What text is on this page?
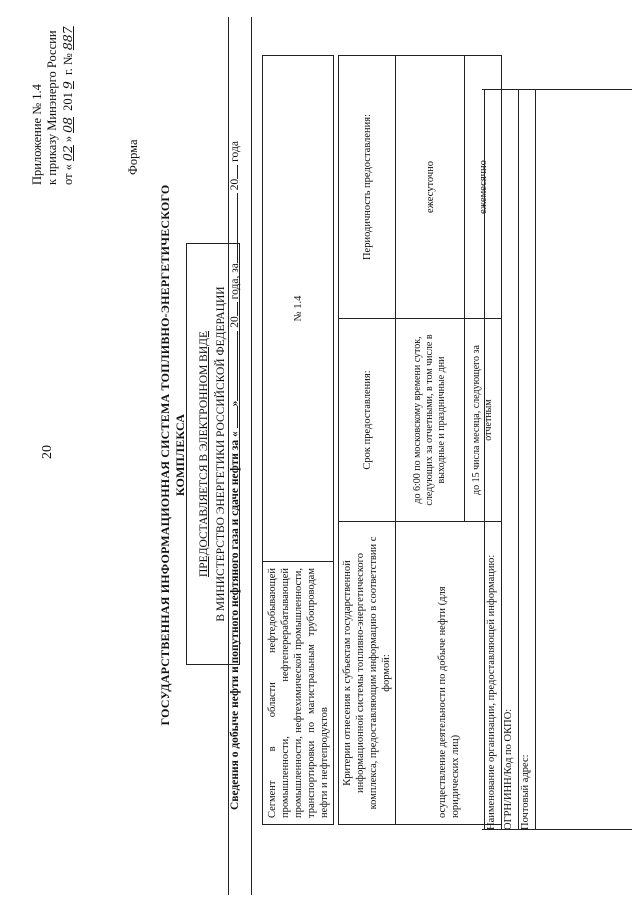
20
Приложение № 1.4 к приказу Минэнерго России от «02»08 2019 г. №887
Форма
ГОСУДАРСТВЕННАЯ ИНФОРМАЦИОННАЯ СИСТЕМА ТОПЛИВНО-ЭНЕРГЕТИЧЕСКОГО КОМПЛЕКСА ПРЕДОСТАВЛЯЕТСЯ В ЭЛЕКТРОННОМ ВИДЕ В МИНИСТЕРСТВО ЭНЕРГЕТИКИ РОССИЙСКОЙ ФЕДЕРАЦИИ Сведения о добыче нефти и попутного нефтяного газа и сдаче нефти за « » 20 года, за 20 года
Сегмент в области нефтедобывающей промышленности, нефтеперерабатывающей промышленности, нефтехимической промышленности, транспортировки по магистральным трубопроводам нефти и нефтепродуктов	№ 1.4
Критерии отнесения к субъектам государственной информационной системы топливно-энергетического комплекса, предоставляющим информацию в соответствии с формой:	Срок предоставления:	Периодичность предоставления:
осуществление деятельности по добыче нефти (для юридических лиц)	до 6:00 по московскому времени суток, следующих за отчетными, в том числе в выходные и праздничные дни	ежесуточно
	до 15 числа месяца, следующего за отчетным	ежемесячно
Наименование организации, предоставляющей информацию: ОГРН/ИНН/Код по ОКПО: Почтовый адрес:
